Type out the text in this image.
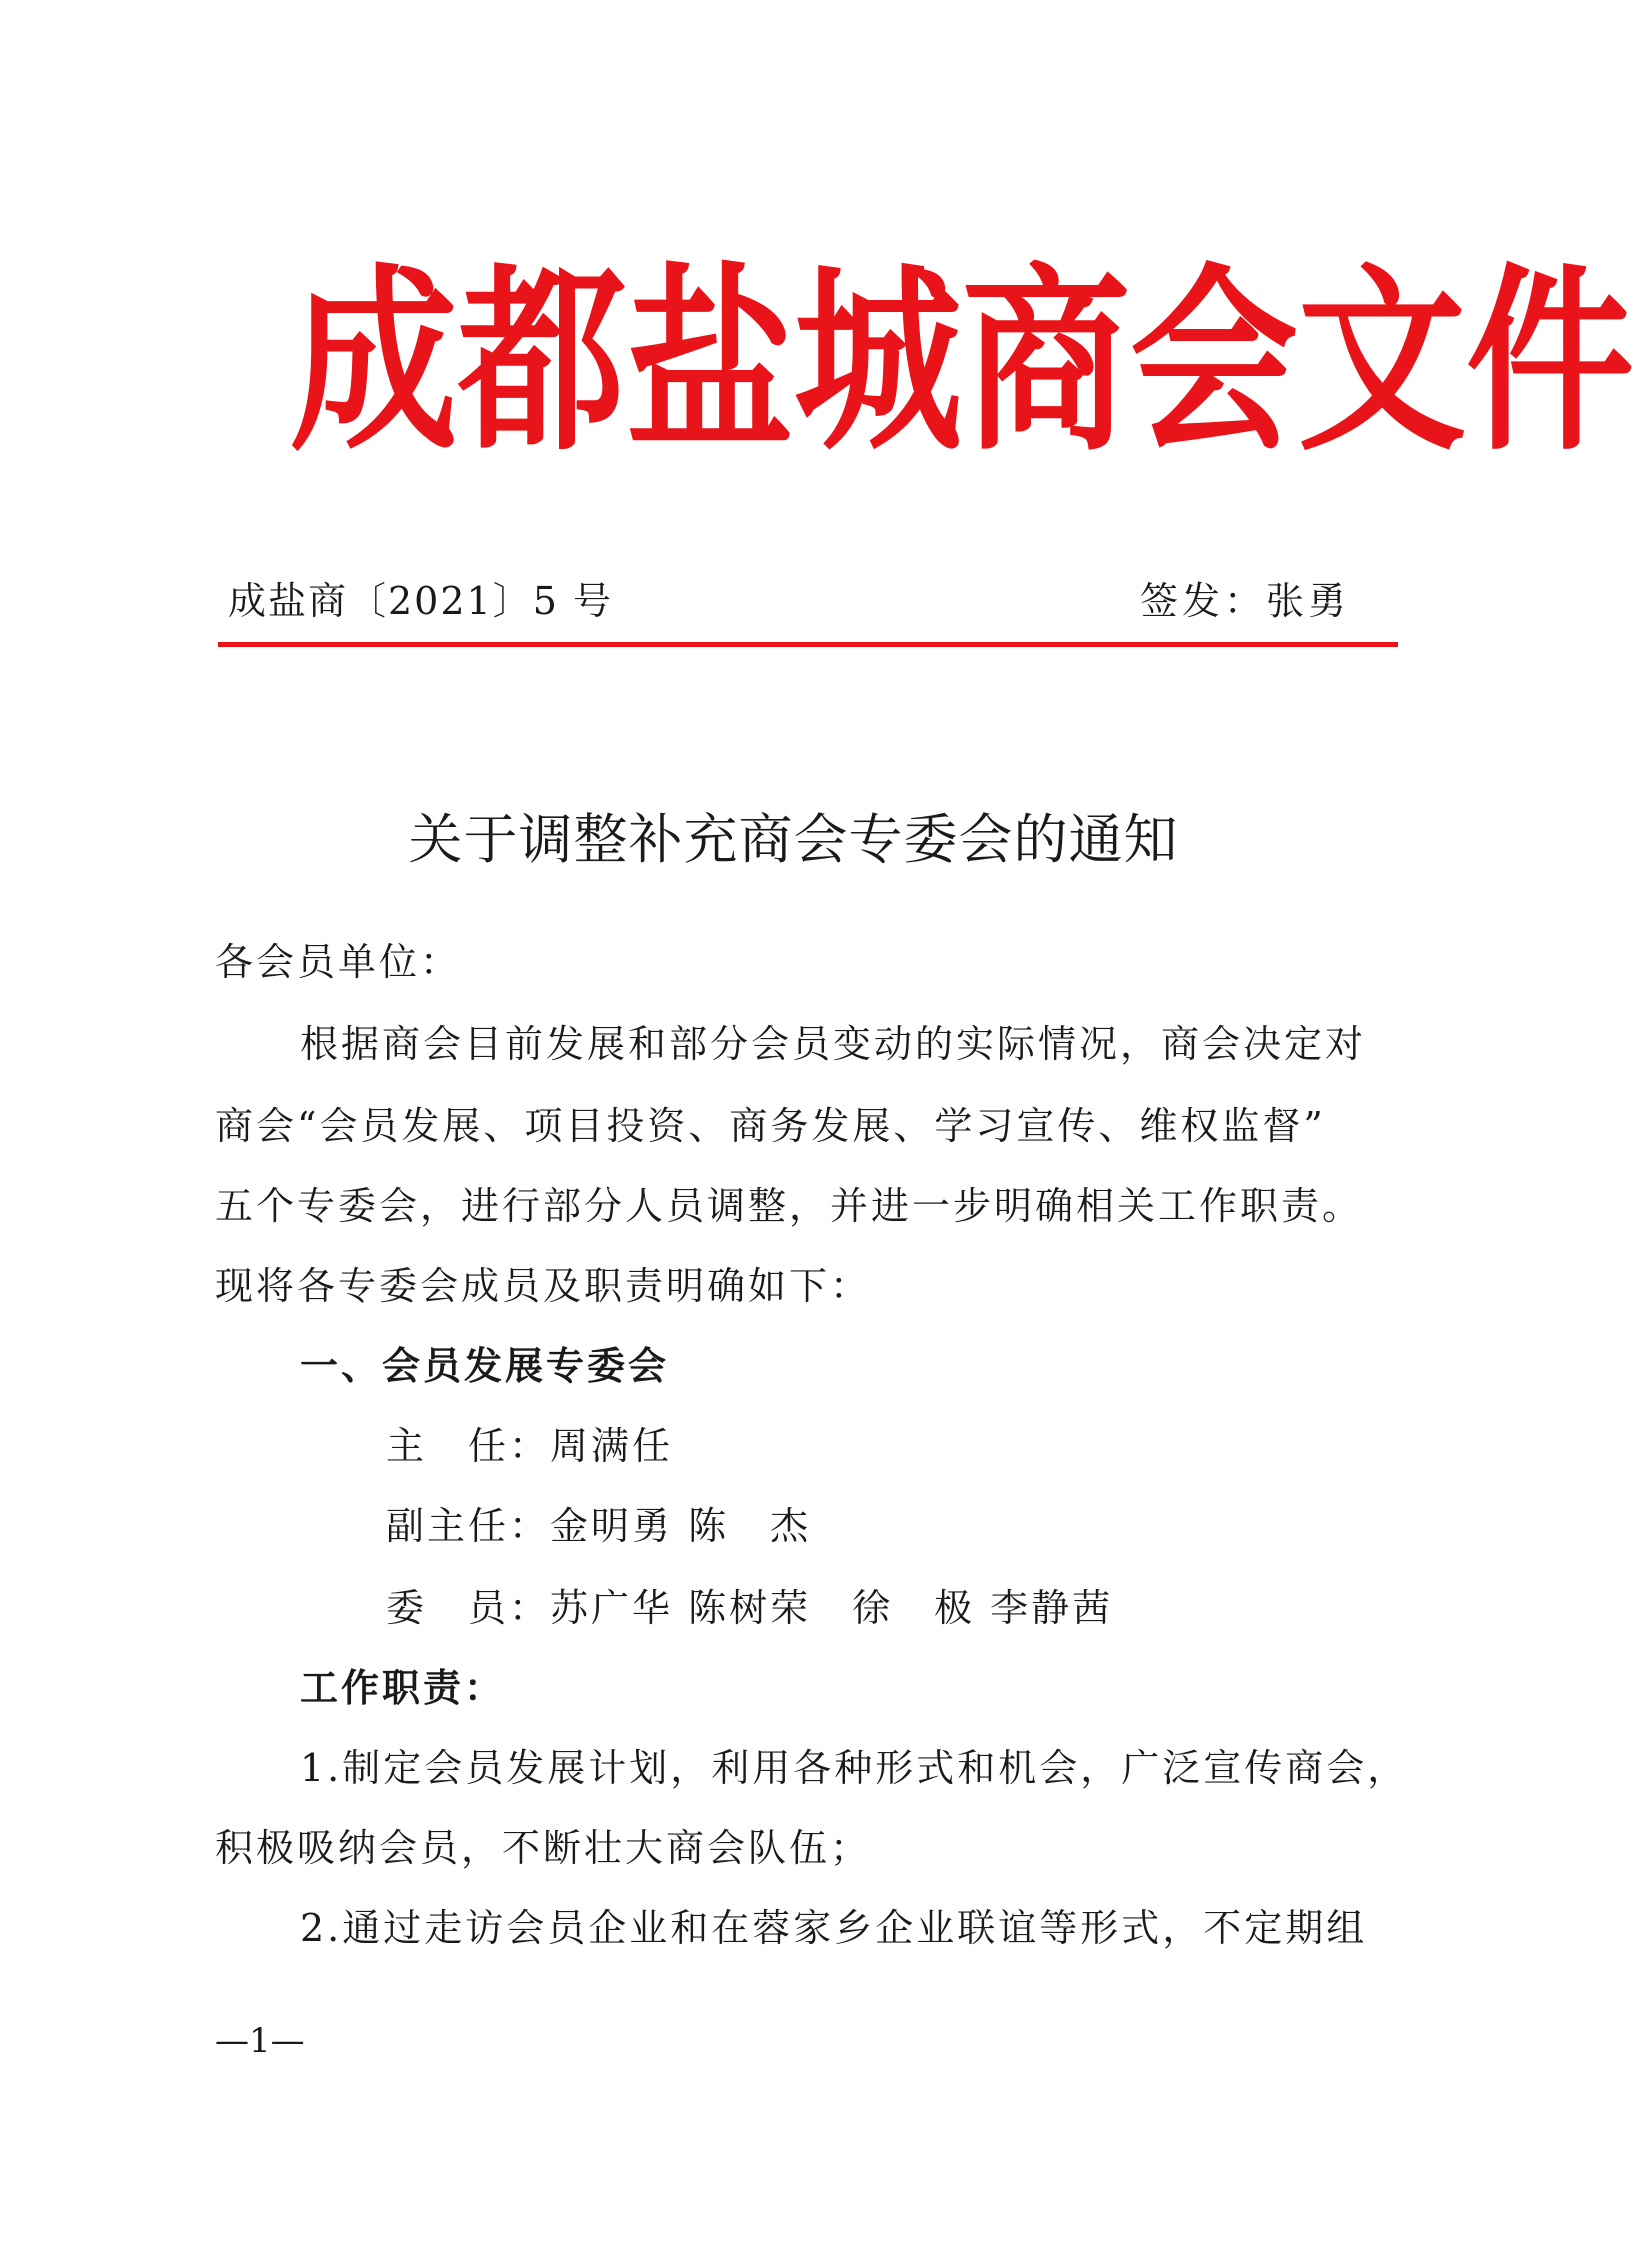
成 都 盐 城 商 会 文 件
成盐商〔2021〕5 号	签发：张勇
关于调整补充商会专委会的通知
各会员单位：
根据商会目前发展和部分会员变动的实际情况，商会决定对
商会“会员发展、项目投资、商务发展、学习宣传、维权监督”
五个专委会，进行部分人员调整，并进一步明确相关工作职责。
现将各专委会成员及职责明确如下：
一、会员发展专委会
主　任：周满任
副主任：金明勇 陈　杰
委　员：苏广华 陈树荣　徐　极 李静茜
工作职责：
1.制定会员发展计划，利用各种形式和机会，广泛宣传商会，
积极吸纳会员，不断壮大商会队伍；
2.通过走访会员企业和在蓉家乡企业联谊等形式，不定期组
—1—
